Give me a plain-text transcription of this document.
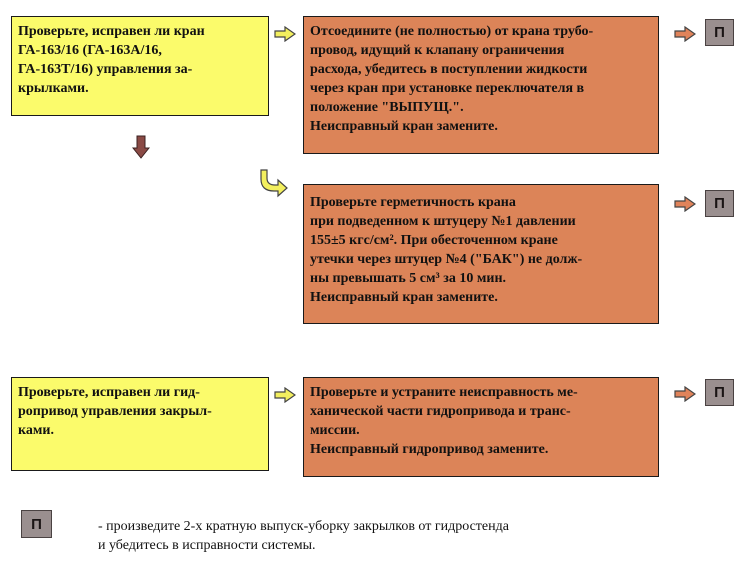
Проверьте, исправен ли кран
ГА-163/16 (ГА-163А/16,
ГА-163Т/16) управления за-
крылками.
Отсоедините (не полностью) от крана трубо-
провод, идущий к клапану ограничения
расхода, убедитесь в поступлении жидкости
через кран при установке переключателя в
положение "ВЫПУЩ.".
Неисправный кран замените.
П
Проверьте герметичность крана
при подведенном к штуцеру №1 давлении
155±5 кгс/см². При обесточенном кране
утечки через штуцер №4 ("БАК") не долж-
ны превышать 5 см³ за 10 мин.
Неисправный кран замените.
П
Проверьте, исправен ли гид-
ропривод управления закрыл-
ками.
Проверьте и устраните неисправность ме-
ханической части гидропривода и транс-
миссии.
Неисправный гидропривод замените.
П
П	- произведите 2-х кратную выпуск-уборку закрылков от гидростенда
и убедитесь в исправности системы.
